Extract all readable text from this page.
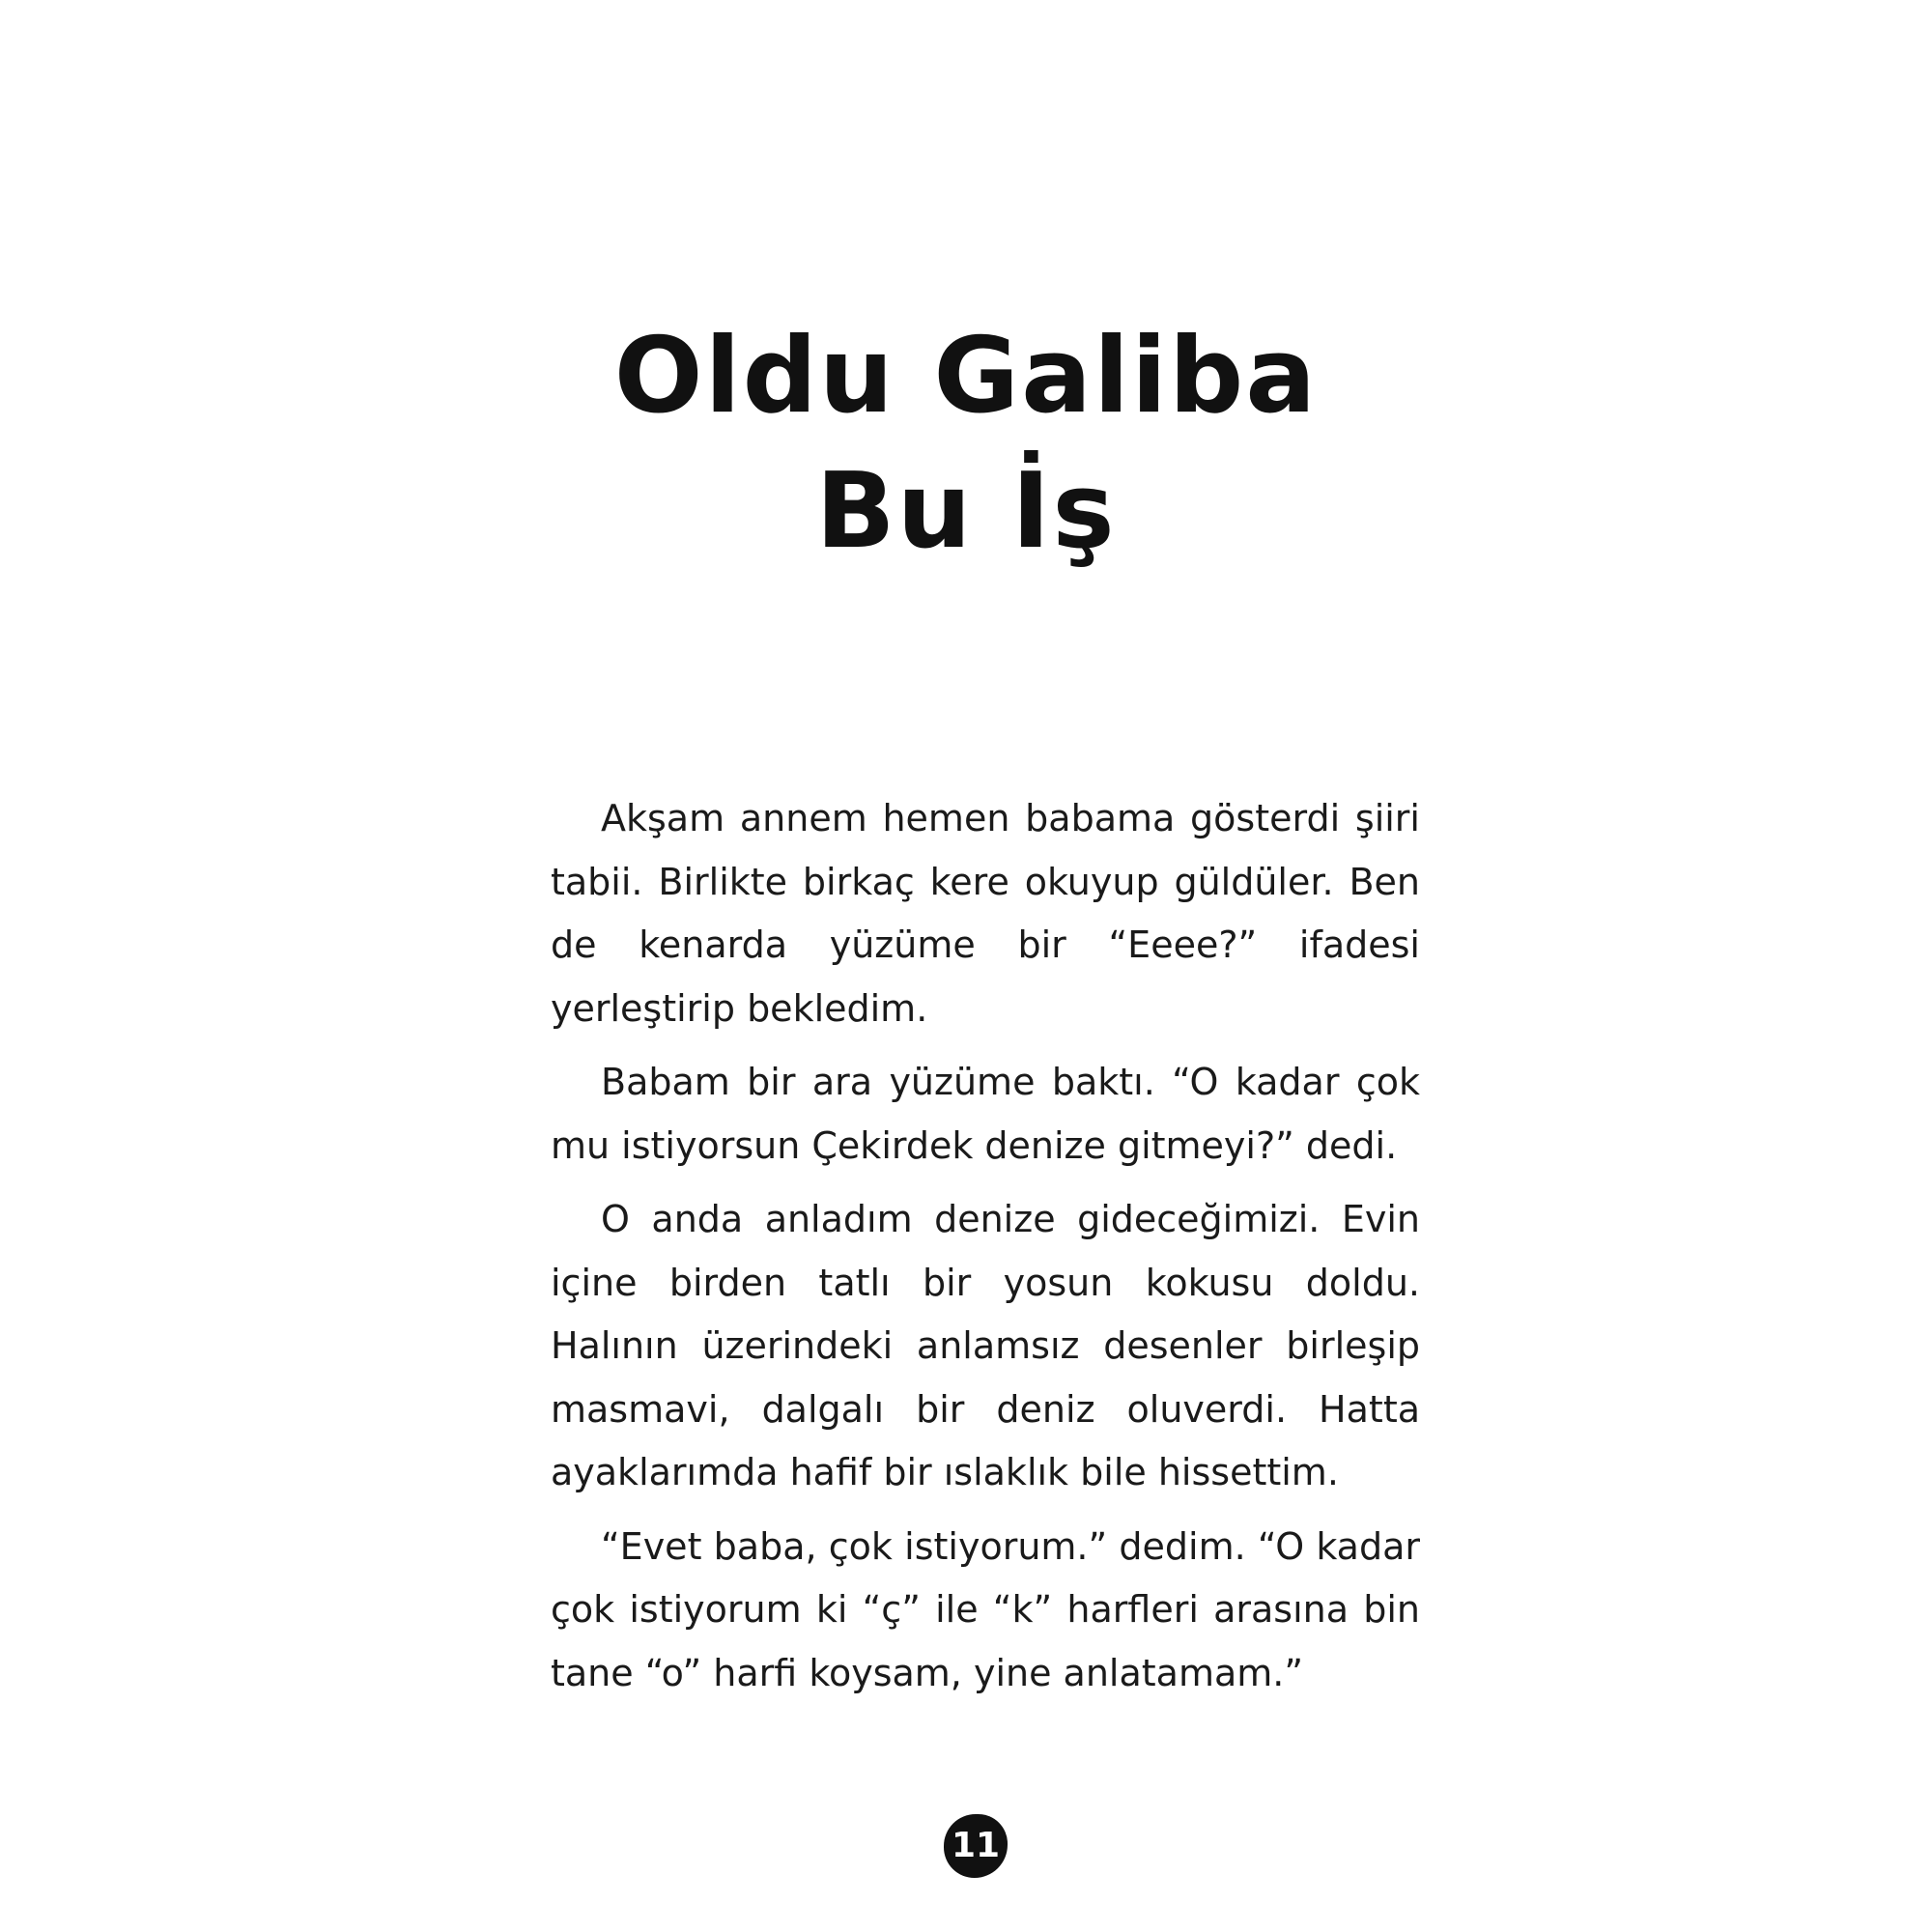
Oldu Galiba
Bu İş

Akşam annem hemen babama gösterdi şiiri tabii. Birlikte birkaç kere okuyup güldüler. Ben de kenarda yüzüme bir “Eeee?” ifadesi yerleştirip bekledim.

Babam bir ara yüzüme baktı. “O kadar çok mu istiyorsun Çekirdek denize gitmeyi?” dedi.

O anda anladım denize gideceğimizi. Evin içine birden tatlı bir yosun kokusu doldu. Halının üzerindeki anlamsız desenler birleşip masmavi, dalgalı bir deniz oluverdi. Hatta ayaklarımda hafif bir ıslaklık bile hissettim.

“Evet baba, çok istiyorum.” dedim. “O kadar çok istiyorum ki “ç” ile “k” harfleri arasına bin tane “o” harfi koysam, yine anlatamam.”

11
